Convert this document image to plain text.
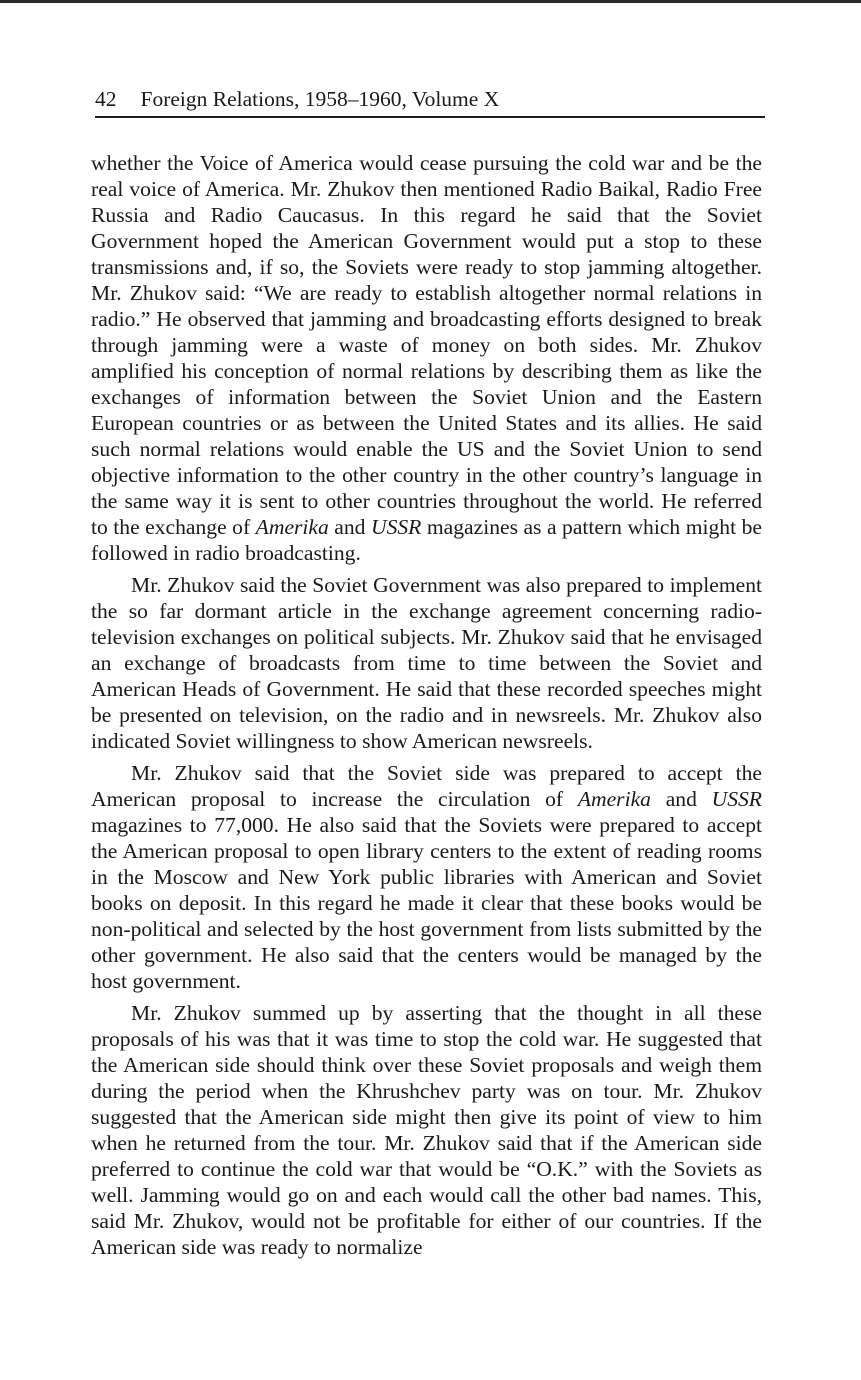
42 Foreign Relations, 1958–1960, Volume X

whether the Voice of America would cease pursuing the cold war and be the real voice of America. Mr. Zhukov then mentioned Radio Baikal, Radio Free Russia and Radio Caucasus. In this regard he said that the Soviet Government hoped the American Government would put a stop to these transmissions and, if so, the Soviets were ready to stop jamming altogether. Mr. Zhukov said: “We are ready to establish altogether normal relations in radio.” He observed that jamming and broadcasting efforts designed to break through jamming were a waste of money on both sides. Mr. Zhukov amplified his conception of normal relations by describing them as like the exchanges of information between the Soviet Union and the Eastern European countries or as between the United States and its allies. He said such normal relations would enable the US and the Soviet Union to send objective information to the other country in the other country’s language in the same way it is sent to other countries throughout the world. He referred to the exchange of Amerika and USSR magazines as a pattern which might be followed in radio broadcasting.

Mr. Zhukov said the Soviet Government was also prepared to implement the so far dormant article in the exchange agreement concerning radio-television exchanges on political subjects. Mr. Zhukov said that he envisaged an exchange of broadcasts from time to time between the Soviet and American Heads of Government. He said that these recorded speeches might be presented on television, on the radio and in newsreels. Mr. Zhukov also indicated Soviet willingness to show American newsreels.

Mr. Zhukov said that the Soviet side was prepared to accept the American proposal to increase the circulation of Amerika and USSR magazines to 77,000. He also said that the Soviets were prepared to accept the American proposal to open library centers to the extent of reading rooms in the Moscow and New York public libraries with American and Soviet books on deposit. In this regard he made it clear that these books would be non-political and selected by the host government from lists submitted by the other government. He also said that the centers would be managed by the host government.

Mr. Zhukov summed up by asserting that the thought in all these proposals of his was that it was time to stop the cold war. He suggested that the American side should think over these Soviet proposals and weigh them during the period when the Khrushchev party was on tour. Mr. Zhukov suggested that the American side might then give its point of view to him when he returned from the tour. Mr. Zhukov said that if the American side preferred to continue the cold war that would be “O.K.” with the Soviets as well. Jamming would go on and each would call the other bad names. This, said Mr. Zhukov, would not be profitable for either of our countries. If the American side was ready to normalize
